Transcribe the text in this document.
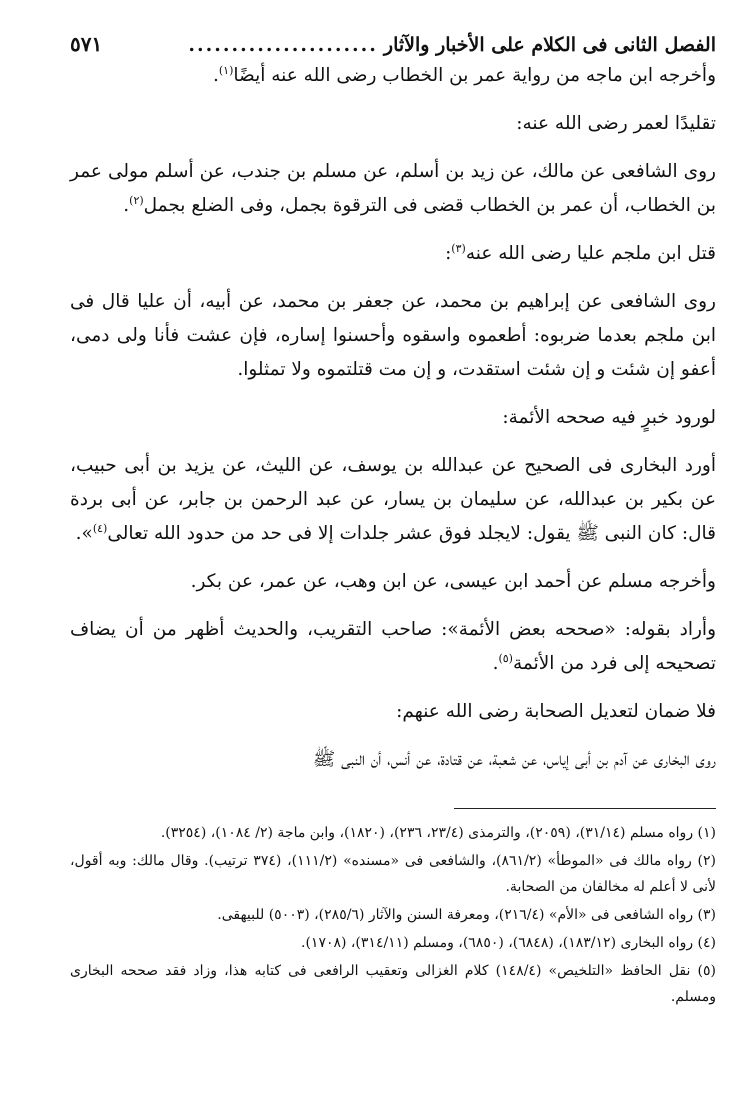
الفصل الثانى فى الكلام على الأخبار والآثار
......................
٥٧١

وأخرجه ابن ماجه من رواية عمر بن الخطاب رضى الله عنه أيضًا$^{(١)}$.

تقليدًا لعمر رضى الله عنه:

روى الشافعى عن مالك، عن زيد بن أسلم، عن مسلم بن جندب، عن أسلم مولى عمر بن الخطاب، أن عمر بن الخطاب قضى فى الترقوة بجمل، وفى الضلع بجمل$^{(٢)}$.

قتل ابن ملجم عليا رضى الله عنه$^{(٣)}$:

روى الشافعى عن إبراهيم بن محمد، عن جعفر بن محمد، عن أبيه، أن عليا قال فى ابن ملجم بعدما ضربوه: أطعموه واسقوه وأحسنوا إساره، فإن عشت فأنا ولى دمى، أعفو إن شئت و إن شئت استقدت، و إن مت قتلتموه ولا تمثلوا.

لورود خبرٍ فيه صححه الأئمة:

أورد البخارى فى الصحيح عن عبدالله بن يوسف، عن الليث، عن يزيد بن أبى حبيب، عن بكير بن عبدالله، عن سليمان بن يسار، عن عبد الرحمن بن جابر، عن أبى بردة قال: كان النبى ﷺ يقول: لايجلد فوق عشر جلدات إلا فى حد من حدود الله تعالى$^{(٤)}$».

وأخرجه مسلم عن أحمد ابن عيسى، عن ابن وهب، عن عمر، عن بكر.

وأراد بقوله: «صححه بعض الأئمة»: صاحب التقريب، والحديث أظهر من أن يضاف تصحيحه إلى فرد من الأئمة$^{(٥)}$.

فلا ضمان لتعديل الصحابة رضى الله عنهم:

روى البخارى عن آدم بن أبى إياس، عن شعبة، عن قتادة، عن أنس، أن النبى ﷺ

(١) رواه مسلم (٣١/١٤)، (٢٠٥٩)، والترمذى (٢٣/٤، ٢٣٦)، (١٨٢٠)، وابن ماجة (٢/ ١٠٨٤)، (٣٢٥٤).
(٢) رواه مالك فى «الموطأ» (٨٦١/٢)، والشافعى فى «مسنده» (١١١/٢)، (٣٧٤ ترتيب). وقال مالك: وبه أقول، لأنى لا أعلم له مخالفان من الصحابة.
(٣) رواه الشافعى فى «الأم» (٢١٦/٤)، ومعرفة السنن والآثار (٢٨٥/٦)، (٥٠٠٣) للبيهقى.
(٤) رواه البخارى (١٨٣/١٢)، (٦٨٤٨)، (٦٨٥٠)، ومسلم (٣١٤/١١)، (١٧٠٨).
(٥) نقل الحافظ «التلخيص» (١٤٨/٤) كلام الغزالى وتعقيب الرافعى فى كتابه هذا، وزاد فقد صححه البخارى ومسلم.
